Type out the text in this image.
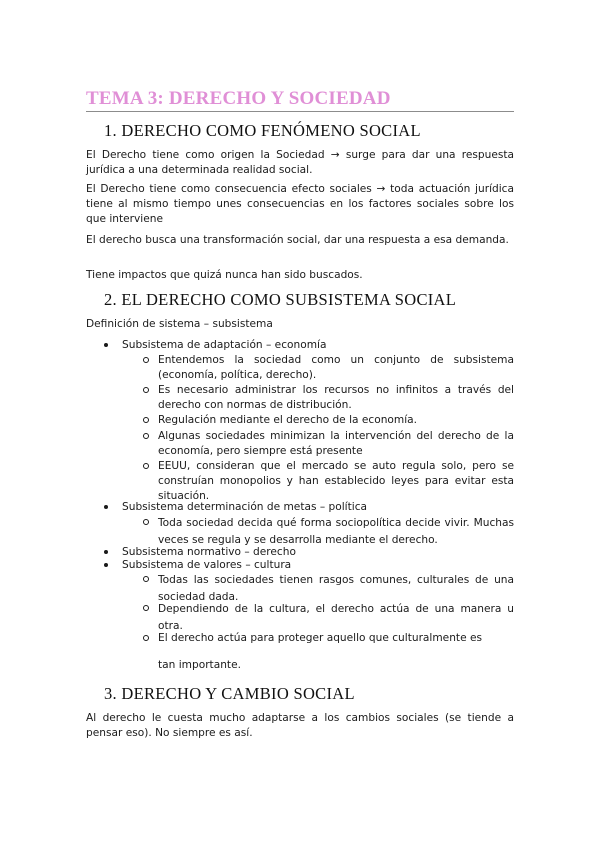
TEMA 3: DERECHO Y SOCIEDAD
1. DERECHO COMO FENÓMENO SOCIAL

El Derecho tiene como origen la Sociedad → surge para dar una respuesta jurídica a una determinada realidad social.

El Derecho tiene como consecuencia efecto sociales → toda actuación jurídica tiene al mismo tiempo unes consecuencias en los factores sociales sobre los que interviene

El derecho busca una transformación social, dar una respuesta a esa demanda.

Tiene impactos que quizá nunca han sido buscados.

2. EL DERECHO COMO SUBSISTEMA SOCIAL

Definición de sistema – subsistema

Subsistema de adaptación – economía
Entendemos la sociedad como un conjunto de subsistema (economía, política, derecho).
Es necesario administrar los recursos no infinitos a través del derecho con normas de distribución.
Regulación mediante el derecho de la economía.
Algunas sociedades minimizan la intervención del derecho de la economía, pero siempre está presente
EEUU, consideran que el mercado se auto regula solo, pero se construían monopolios y han establecido leyes para evitar esta situación.
Subsistema determinación de metas – política
Toda sociedad decida qué forma sociopolítica decide vivir. Muchas veces se regula y se desarrolla mediante el derecho.
Subsistema normativo – derecho
Subsistema de valores – cultura
Todas las sociedades tienen rasgos comunes, culturales de una sociedad dada.
Dependiendo de la cultura, el derecho actúa de una manera u otra.
El derecho actúa para proteger aquello que culturalmente es
tan importante.
3. DERECHO Y CAMBIO SOCIAL

Al derecho le cuesta mucho adaptarse a los cambios sociales (se tiende a pensar eso). No siempre es así.
